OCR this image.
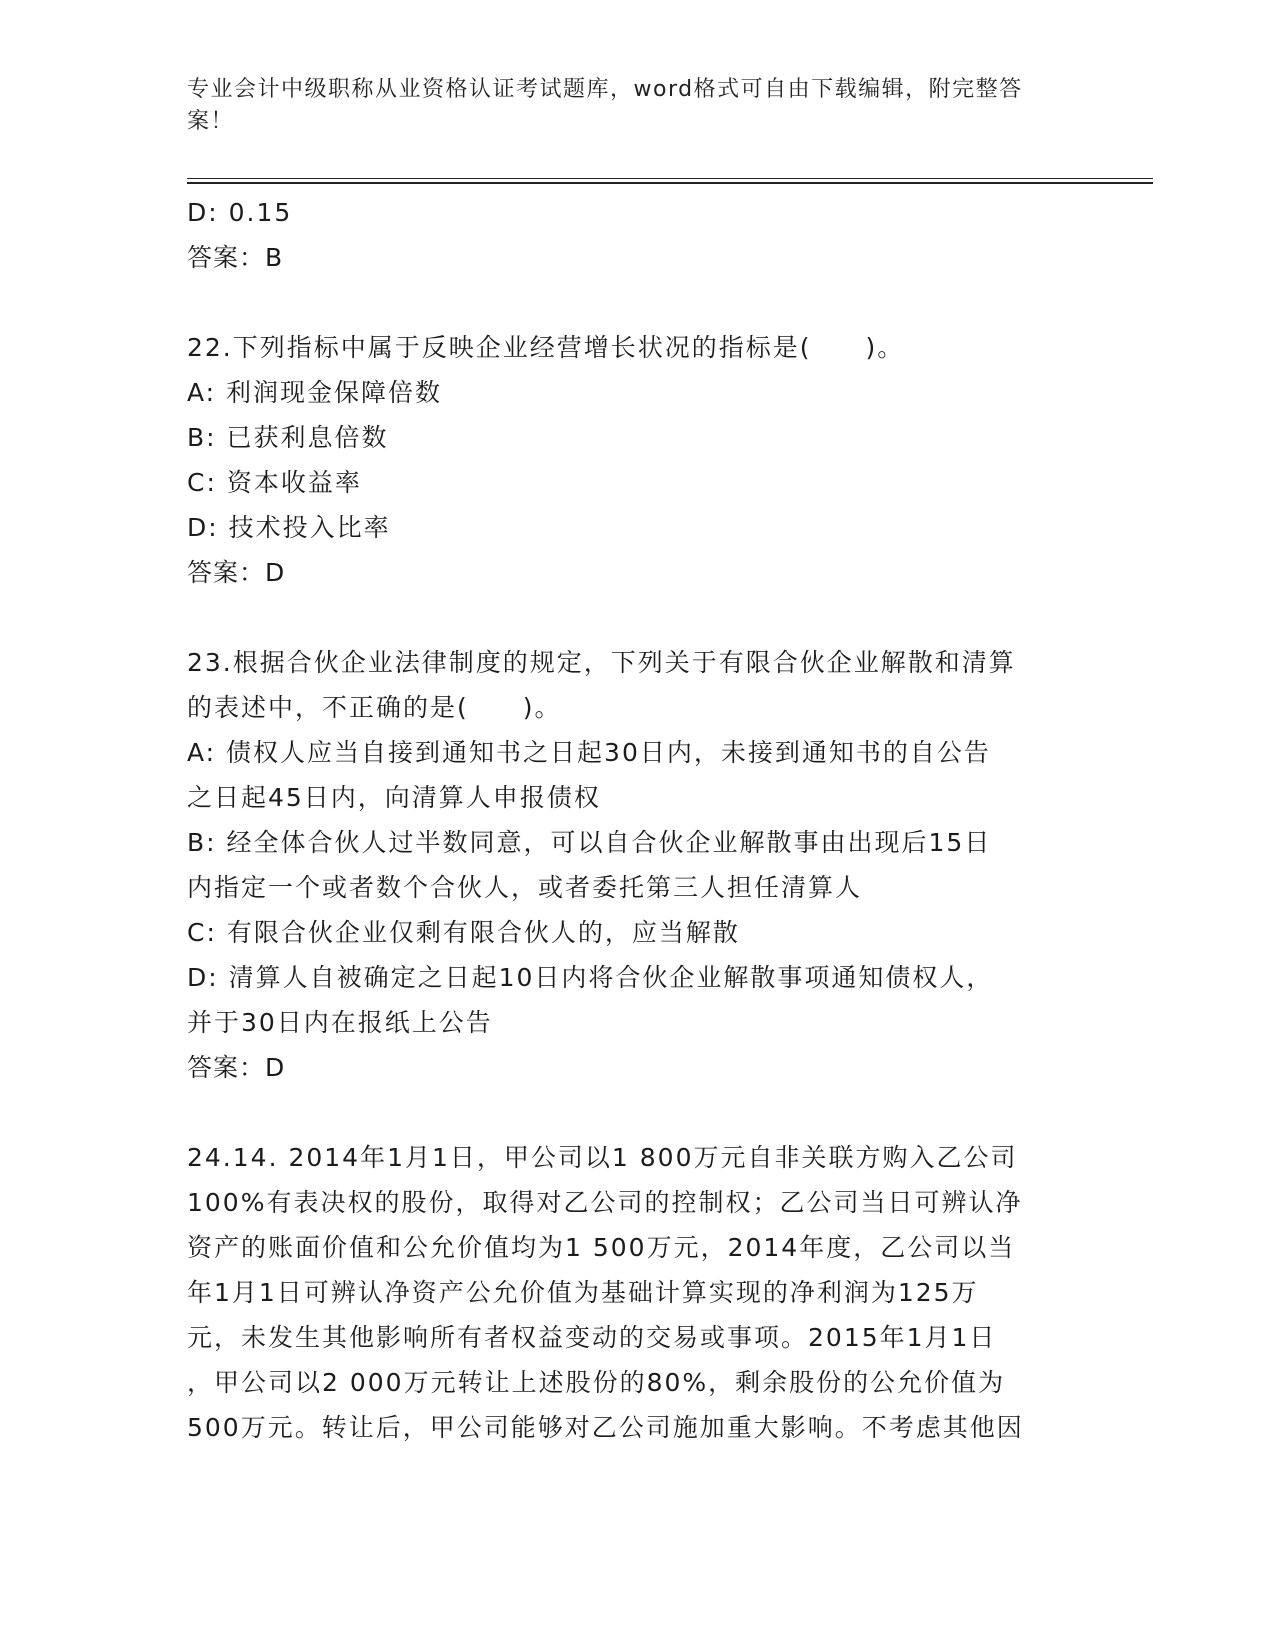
专业会计中级职称从业资格认证考试题库，word格式可自由下载编辑，附完整答
案！
D: 0.15
答案：B
22.下列指标中属于反映企业经营增长状况的指标是(　　)。
A: 利润现金保障倍数
B: 已获利息倍数
C: 资本收益率
D: 技术投入比率
答案：D
23.根据合伙企业法律制度的规定，下列关于有限合伙企业解散和清算
的表述中，不正确的是(　　)。
A: 债权人应当自接到通知书之日起30日内，未接到通知书的自公告
之日起45日内，向清算人申报债权
B: 经全体合伙人过半数同意，可以自合伙企业解散事由出现后15日
内指定一个或者数个合伙人，或者委托第三人担任清算人
C: 有限合伙企业仅剩有限合伙人的，应当解散
D: 清算人自被确定之日起10日内将合伙企业解散事项通知债权人，
并于30日内在报纸上公告
答案：D
24.14. 2014年1月1日，甲公司以1 800万元自非关联方购入乙公司
100%有表决权的股份，取得对乙公司的控制权；乙公司当日可辨认净
资产的账面价值和公允价值均为1 500万元，2014年度，乙公司以当
年1月1日可辨认净资产公允价值为基础计算实现的净利润为125万
元，未发生其他影响所有者权益变动的交易或事项。2015年1月1日
，甲公司以2 000万元转让上述股份的80%，剩余股份的公允价值为
500万元。转让后，甲公司能够对乙公司施加重大影响。不考虑其他因
